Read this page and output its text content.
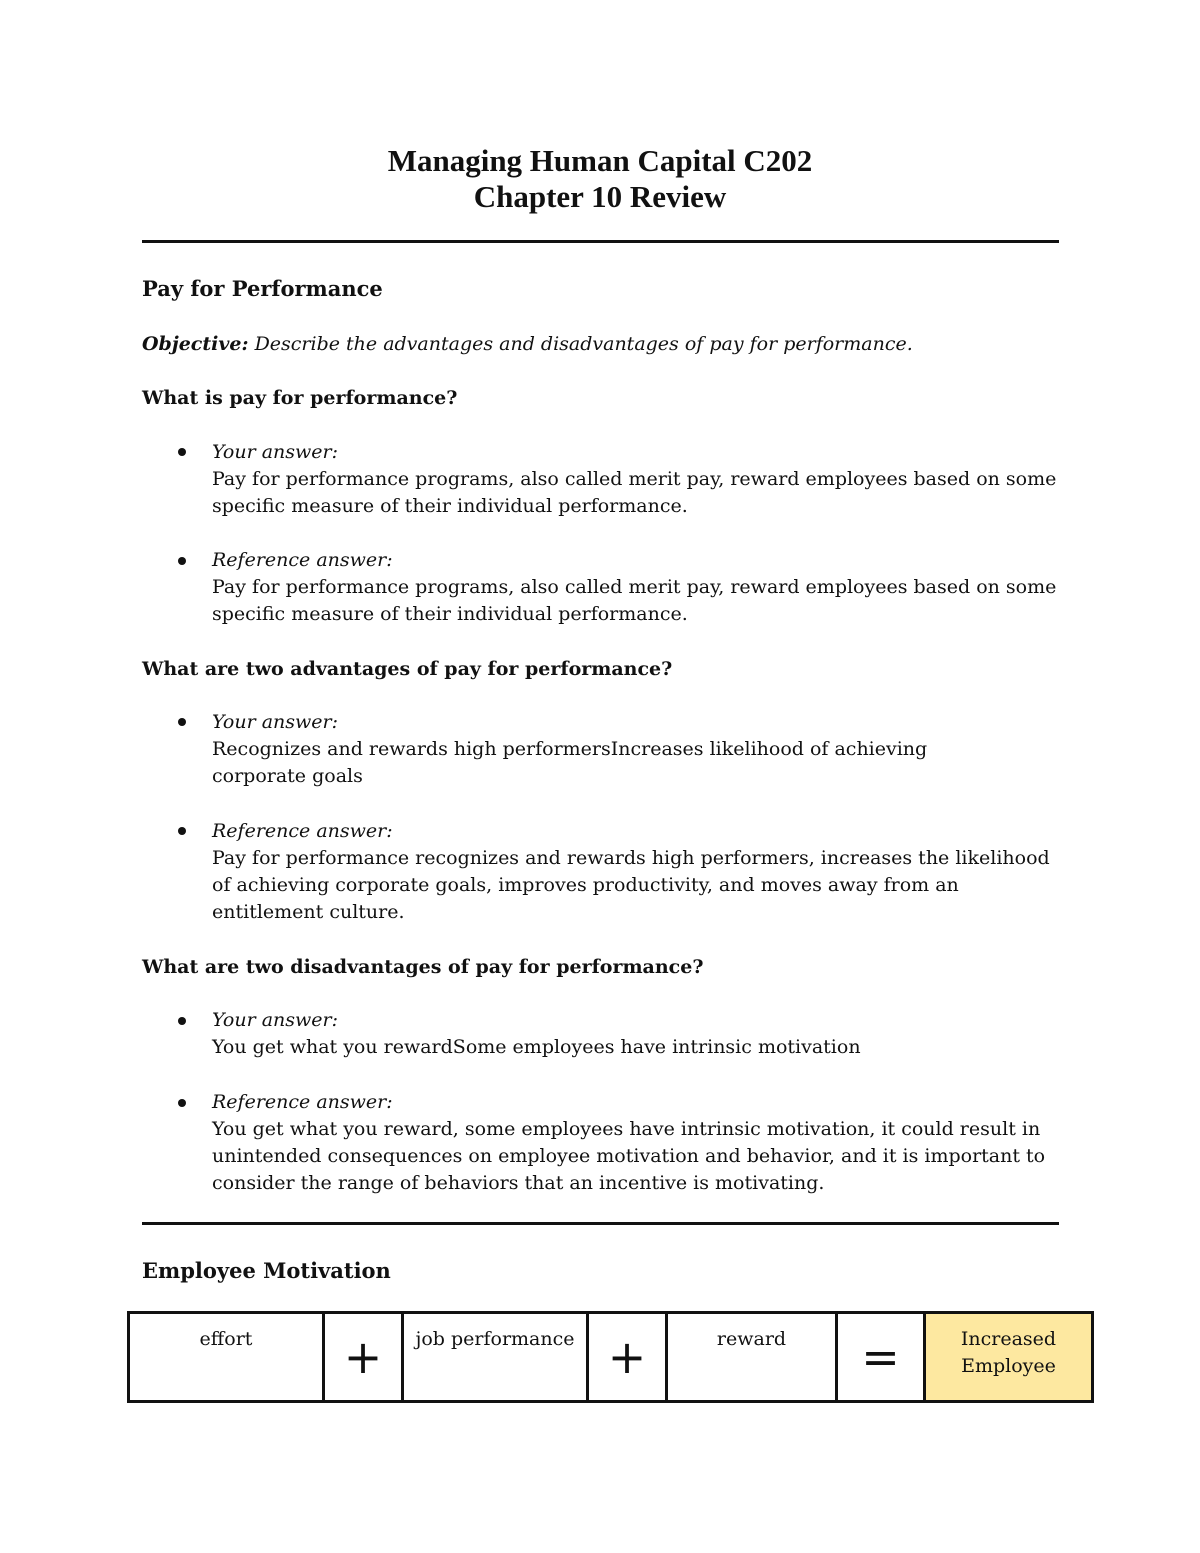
Managing Human Capital C202
Chapter 10 Review
Pay for Performance
Objective: Describe the advantages and disadvantages of pay for performance.
What is pay for performance?
Your answer:
Pay for performance programs, also called merit pay, reward employees based on some specific measure of their individual performance.
Reference answer:
Pay for performance programs, also called merit pay, reward employees based on some specific measure of their individual performance.
What are two advantages of pay for performance?
Your answer:
Recognizes and rewards high performersIncreases likelihood of achieving corporate goals
Reference answer:
Pay for performance recognizes and rewards high performers, increases the likelihood of achieving corporate goals, improves productivity, and moves away from an entitlement culture.
What are two disadvantages of pay for performance?
Your answer:
You get what you rewardSome employees have intrinsic motivation
Reference answer:
You get what you reward, some employees have intrinsic motivation, it could result in unintended consequences on employee motivation and behavior, and it is important to consider the range of behaviors that an incentive is motivating.
Employee Motivation
effort	+	job performance	+	reward	=	Increased Employee
